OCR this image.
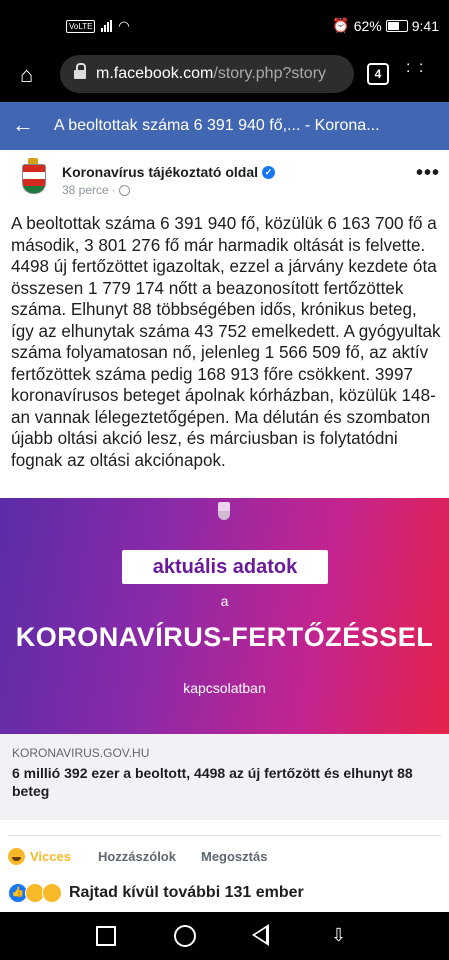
VoLTE ◠	⏰ 62% 9:41
⌂	m.facebook.com /story.php?story	4	: :
← A beoltottak száma 6 391 940 fő,... - Korona...
Koronavírus tájékoztató oldal ✓
38 perce ·
•••
A beoltottak száma 6 391 940 fő, közülük 6 163 700 fő a második, 3 801 276 fő már harmadik oltását is felvette. 4498 új fertőzöttet igazoltak, ezzel a járvány kezdete óta összesen 1 779 174 nőtt a beazonosított fertőzöttek száma. Elhunyt 88 többségében idős, krónikus beteg, így az elhunytak száma 43 752 emelkedett. A gyógyultak száma folyamatosan nő, jelenleg 1 566 509 fő, az aktív fertőzöttek száma pedig 168 913 főre csökkent. 3997 koronavírusos beteget ápolnak kórházban, közülük 148-an vannak lélegeztetőgépen. Ma délután és szombaton újabb oltási akció lesz, és márciusban is folytatódni fognak az oltási akciónapok.
aktuális adatok
a
KORONAVÍRUS-FERTŐZÉSSEL
kapcsolatban
KORONAVIRUS.GOV.HU
6 millió 392 ezer a beoltott, 4498 az új fertőzött és elhunyt 88 beteg
Vicces Hozzászólok Megosztás
👍	Rajtad kívül további 131 ember
⇩
